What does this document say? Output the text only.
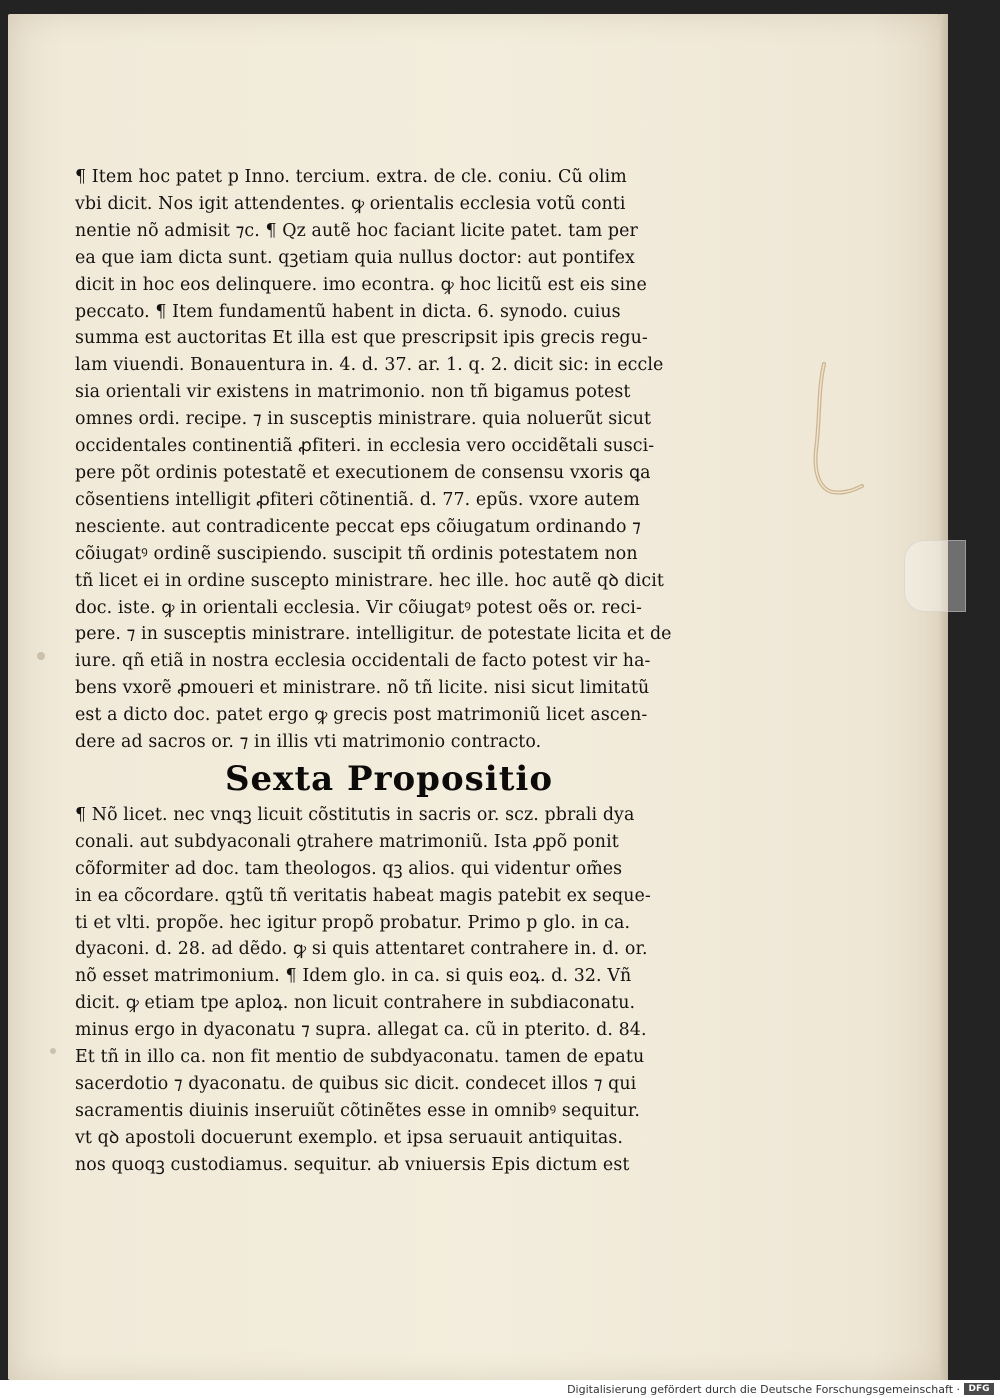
¶ Item hoc patet p Inno. tercium. extra. de cle. coniu. Cũ olim
vbi dicit. Nos igit attendentes. ꝙ orientalis ecclesia votũ conti
nentie nõ admisit ⁊c. ¶ Qz autẽ hoc faciant licite patet. tam per
ea que iam dicta sunt. qꝫetiam quia nullus doctor: aut pontifex
dicit in hoc eos delinquere. imo econtra. ꝙ hoc licitũ est eis sine
peccato. ¶ Item fundamentũ habent in dicta. 6. synodo. cuius
summa est auctoritas Et illa est que prescripsit ipis grecis regu-
lam viuendi. Bonauentura in. 4. d. 37. ar. 1. q. 2. dicit sic: in eccle
sia orientali vir existens in matrimonio. non tñ bigamus potest
omnes ordi. recipe. ⁊ in susceptis ministrare. quia noluerũt sicut
occidentales continentiã ꝓfiteri. in ecclesia vero occidẽtali susci-
pere põt ordinis potestatẽ et executionem de consensu vxoris ꝗa
cõsentiens intelligit ꝓfiteri cõtinentiã. d. 77. epũs. vxore autem
nesciente. aut contradicente peccat eps cõiugatum ordinando ⁊
cõiugatꝰ ordinẽ suscipiendo. suscipit tñ ordinis potestatem non
tñ licet ei in ordine suscepto ministrare. hec ille. hoc autẽ qꝺ dicit
doc. iste. ꝙ in orientali ecclesia. Vir cõiugatꝰ potest oẽs or. reci-
pere. ⁊ in susceptis ministrare. intelligitur. de potestate licita et de
iure. qñ etiã in nostra ecclesia occidentali de facto potest vir ha-
bens vxorẽ ꝓmoueri et ministrare. nõ tñ licite. nisi sicut limitatũ
est a dicto doc. patet ergo ꝙ grecis post matrimoniũ licet ascen-
dere ad sacros or. ⁊ in illis vti matrimonio contracto.
Sexta Propositio
¶ Nõ licet. nec vnꝗꝫ licuit cõstitutis in sacris or. scz. pbrali dya
conali. aut subdyaconali ꝯtrahere matrimoniũ. Ista ꝓpõ ponit
cõformiter ad doc. tam theologos. qꝫ alios. qui videntur om̃es
in ea cõcordare. qꝫtũ tñ veritatis habeat magis patebit ex seque-
ti et vlti. propõe. hec igitur propõ probatur. Primo p glo. in ca.
dyaconi. d. 28. ad dẽdo. ꝙ si quis attentaret contrahere in. d. or.
nõ esset matrimonium. ¶ Idem glo. in ca. si quis eoꝝ. d. 32. Vñ
dicit. ꝙ etiam tpe aploꝝ. non licuit contrahere in subdiaconatu.
minus ergo in dyaconatu ⁊ supra. allegat ca. cũ in pterito. d. 84.
Et tñ in illo ca. non fit mentio de subdyaconatu. tamen de epatu
sacerdotio ⁊ dyaconatu. de quibus sic dicit. condecet illos ⁊ qui
sacramentis diuinis inseruiũt cõtinẽtes esse in omnibꝰ sequitur.
vt qꝺ apostoli docuerunt exemplo. et ipsa seruauit antiquitas.
nos quoqꝫ custodiamus. sequitur. ab vniuersis Epis dictum est
Digitalisierung gefördert durch die Deutsche Forschungsgemeinschaft · DFG
